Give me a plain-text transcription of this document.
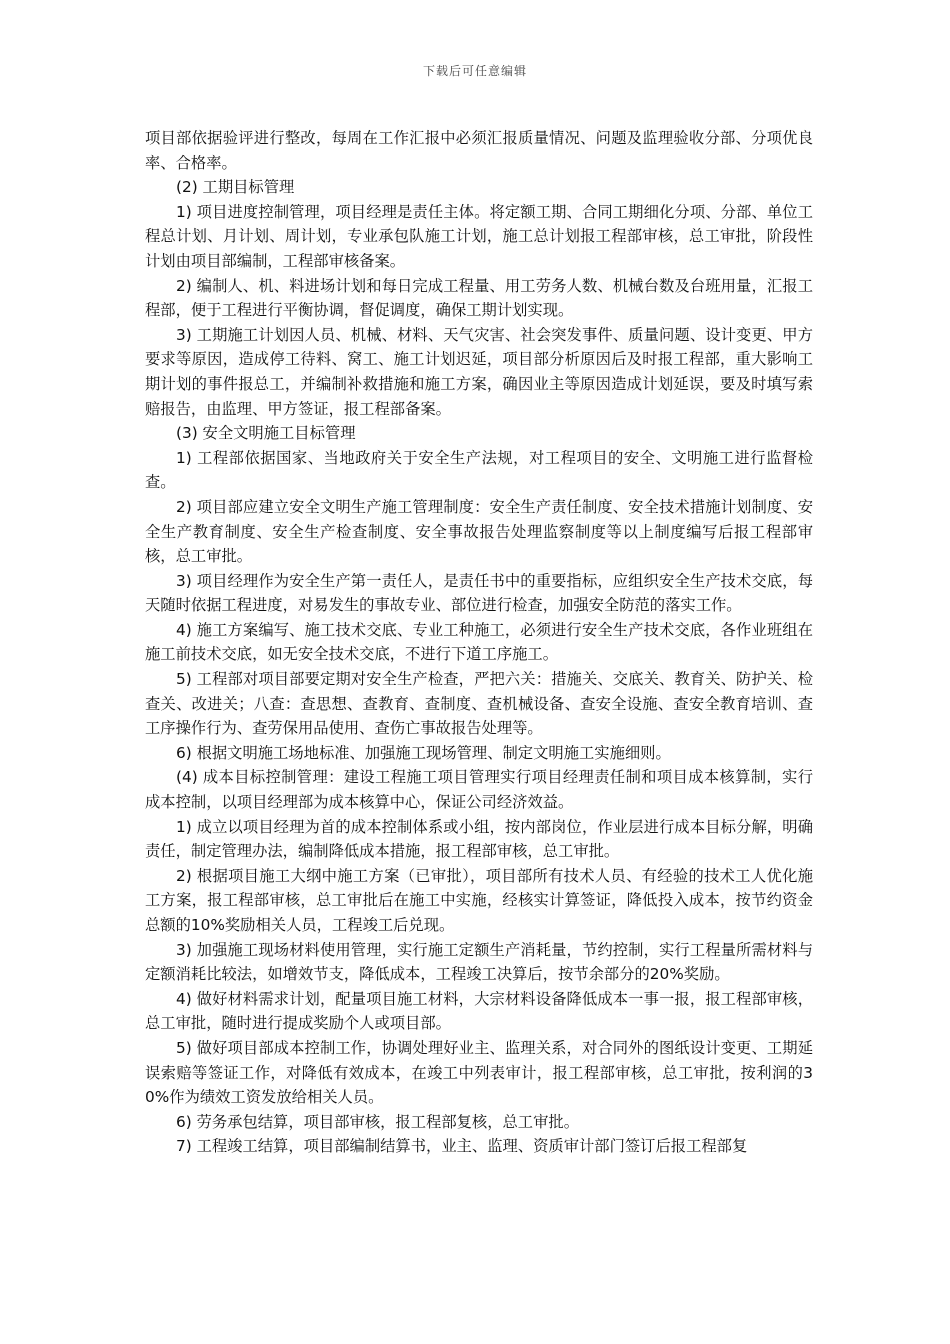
下载后可任意编辑

项目部依据验评进行整改，每周在工作汇报中必须汇报质量情况、问题及监理验收分部、分项优良率、合格率。

(2) 工期目标管理

1) 项目进度控制管理，项目经理是责任主体。将定额工期、合同工期细化分项、分部、单位工程总计划、月计划、周计划，专业承包队施工计划，施工总计划报工程部审核，总工审批，阶段性计划由项目部编制，工程部审核备案。

2) 编制人、机、料进场计划和每日完成工程量、用工劳务人数、机械台数及台班用量，汇报工程部，便于工程进行平衡协调，督促调度，确保工期计划实现。

3) 工期施工计划因人员、机械、材料、天气灾害、社会突发事件、质量问题、设计变更、甲方要求等原因，造成停工待料、窝工、施工计划迟延，项目部分析原因后及时报工程部，重大影响工期计划的事件报总工，并编制补救措施和施工方案，确因业主等原因造成计划延误，要及时填写索赔报告，由监理、甲方签证，报工程部备案。

(3) 安全文明施工目标管理

1) 工程部依据国家、当地政府关于安全生产法规，对工程项目的安全、文明施工进行监督检查。

2) 项目部应建立安全文明生产施工管理制度：安全生产责任制度、安全技术措施计划制度、安全生产教育制度、安全生产检查制度、安全事故报告处理监察制度等以上制度编写后报工程部审核，总工审批。

3) 项目经理作为安全生产第一责任人，是责任书中的重要指标，应组织安全生产技术交底，每天随时依据工程进度，对易发生的事故专业、部位进行检查，加强安全防范的落实工作。

4) 施工方案编写、施工技术交底、专业工种施工，必须进行安全生产技术交底，各作业班组在施工前技术交底，如无安全技术交底，不进行下道工序施工。

5) 工程部对项目部要定期对安全生产检查，严把六关：措施关、交底关、教育关、防护关、检查关、改进关；八查：查思想、查教育、查制度、查机械设备、查安全设施、查安全教育培训、查工序操作行为、查劳保用品使用、查伤亡事故报告处理等。

6) 根据文明施工场地标准、加强施工现场管理、制定文明施工实施细则。

(4) 成本目标控制管理：建设工程施工项目管理实行项目经理责任制和项目成本核算制，实行成本控制，以项目经理部为成本核算中心，保证公司经济效益。

1) 成立以项目经理为首的成本控制体系或小组，按内部岗位，作业层进行成本目标分解，明确责任，制定管理办法，编制降低成本措施，报工程部审核，总工审批。

2) 根据项目施工大纲中施工方案（已审批），项目部所有技术人员、有经验的技术工人优化施工方案，报工程部审核，总工审批后在施工中实施，经核实计算签证，降低投入成本，按节约资金总额的10%奖励相关人员，工程竣工后兑现。

3) 加强施工现场材料使用管理，实行施工定额生产消耗量，节约控制，实行工程量所需材料与定额消耗比较法，如增效节支，降低成本，工程竣工决算后，按节余部分的20%奖励。

4) 做好材料需求计划，配量项目施工材料，大宗材料设备降低成本一事一报，报工程部审核，总工审批，随时进行提成奖励个人或项目部。

5) 做好项目部成本控制工作，协调处理好业主、监理关系，对合同外的图纸设计变更、工期延误索赔等签证工作，对降低有效成本，在竣工中列表审计，报工程部审核，总工审批，按利润的30%作为绩效工资发放给相关人员。

6) 劳务承包结算，项目部审核，报工程部复核，总工审批。

7) 工程竣工结算，项目部编制结算书，业主、监理、资质审计部门签订后报工程部复
